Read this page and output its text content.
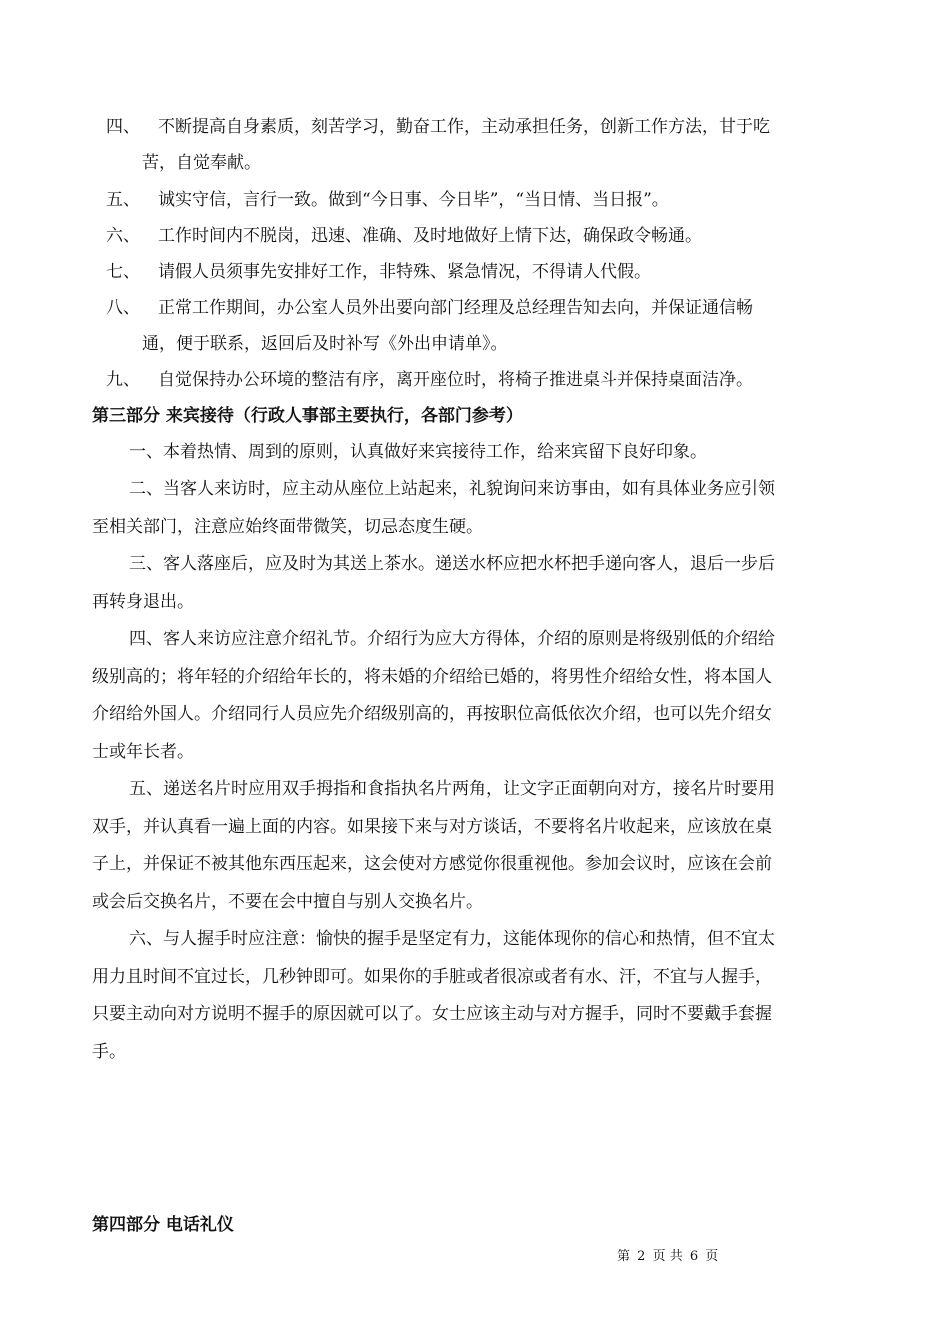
四、 不断提高自身素质，刻苦学习，勤奋工作，主动承担任务，创新工作方法，甘于吃
苦，自觉奉献。
五、 诚实守信，言行一致。做到“今日事、今日毕”，“当日情、当日报”。
六、 工作时间内不脱岗，迅速、准确、及时地做好上情下达，确保政令畅通。
七、 请假人员须事先安排好工作，非特殊、紧急情况，不得请人代假。
八、 正常工作期间，办公室人员外出要向部门经理及总经理告知去向，并保证通信畅
通，便于联系，返回后及时补写《外出申请单》。
九、 自觉保持办公环境的整洁有序，离开座位时，将椅子推进桌斗并保持桌面洁净。
第三部分 来宾接待（行政人事部主要执行，各部门参考）
一、本着热情、周到的原则，认真做好来宾接待工作，给来宾留下良好印象。
二、当客人来访时，应主动从座位上站起来，礼貌询问来访事由，如有具体业务应引领
至相关部门，注意应始终面带微笑，切忌态度生硬。
三、客人落座后，应及时为其送上茶水。递送水杯应把水杯把手递向客人，退后一步后
再转身退出。
四、客人来访应注意介绍礼节。介绍行为应大方得体，介绍的原则是将级别低的介绍给
级别高的；将年轻的介绍给年长的，将未婚的介绍给已婚的，将男性介绍给女性，将本国人
介绍给外国人。介绍同行人员应先介绍级别高的，再按职位高低依次介绍，也可以先介绍女
士或年长者。
五、递送名片时应用双手拇指和食指执名片两角，让文字正面朝向对方，接名片时要用
双手，并认真看一遍上面的内容。如果接下来与对方谈话，不要将名片收起来，应该放在桌
子上，并保证不被其他东西压起来，这会使对方感觉你很重视他。参加会议时，应该在会前
或会后交换名片，不要在会中擅自与别人交换名片。
六、与人握手时应注意：愉快的握手是坚定有力，这能体现你的信心和热情，但不宜太
用力且时间不宜过长，几秒钟即可。如果你的手脏或者很凉或者有水、汗，不宜与人握手，
只要主动向对方说明不握手的原因就可以了。女士应该主动与对方握手，同时不要戴手套握
手。
第四部分 电话礼仪
第 2 页 共 6 页
